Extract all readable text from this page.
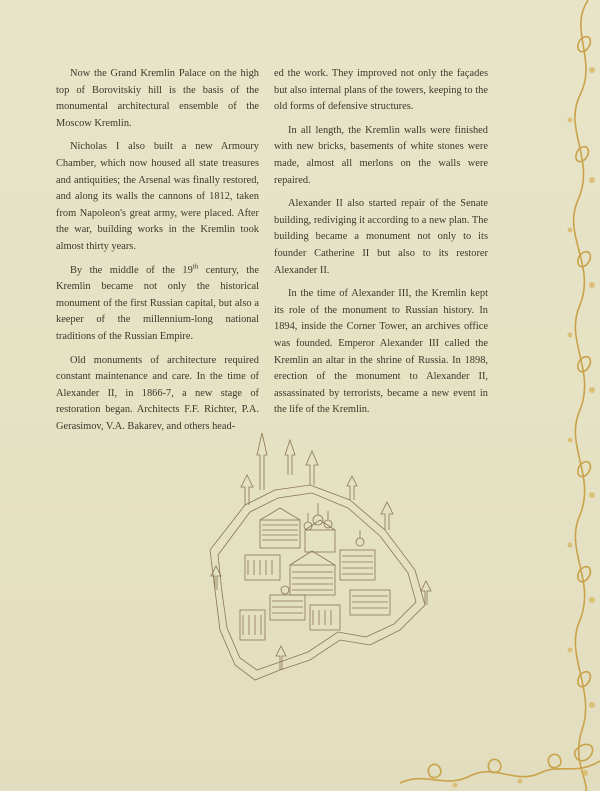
Now the Grand Kremlin Palace on the high top of Borovitskiy hill is the basis of the monumental architectural ensemble of the Moscow Kremlin.

Nicholas I also built a new Armoury Chamber, which now housed all state treasures and antiquities; the Arsenal was finally restored, and along its walls the cannons of 1812, taken from Napoleon's great army, were placed. After the war, building works in the Kremlin took almost thirty years.

By the middle of the 19th century, the Kremlin became not only the historical monument of the first Russian capital, but also a keeper of the millennium-long national traditions of the Russian Empire.

Old monuments of architecture required constant maintenance and care. In the time of Alexander II, in 1866-7, a new stage of restoration began. Architects F.F. Richter, P.A. Gerasimov, V.A. Bakarev, and others head-

ed the work. They improved not only the façades but also internal plans of the towers, keeping to the old forms of defensive structures.

In all length, the Kremlin walls were finished with new bricks, basements of white stones were made, almost all merlons on the walls were repaired.

Alexander II also started repair of the Senate building, rediviging it according to a new plan. The building became a monument not only to its founder Catherine II but also to its restorer Alexander II.

In the time of Alexander III, the Kremlin kept its role of the monument to Russian history. In 1894, inside the Corner Tower, an archives office was founded. Emperor Alexander III called the Kremlin an altar in the shrine of Russia. In 1898, erection of the monument to Alexander II, assassinated by terrorists, became a new event in the life of the Kremlin.
